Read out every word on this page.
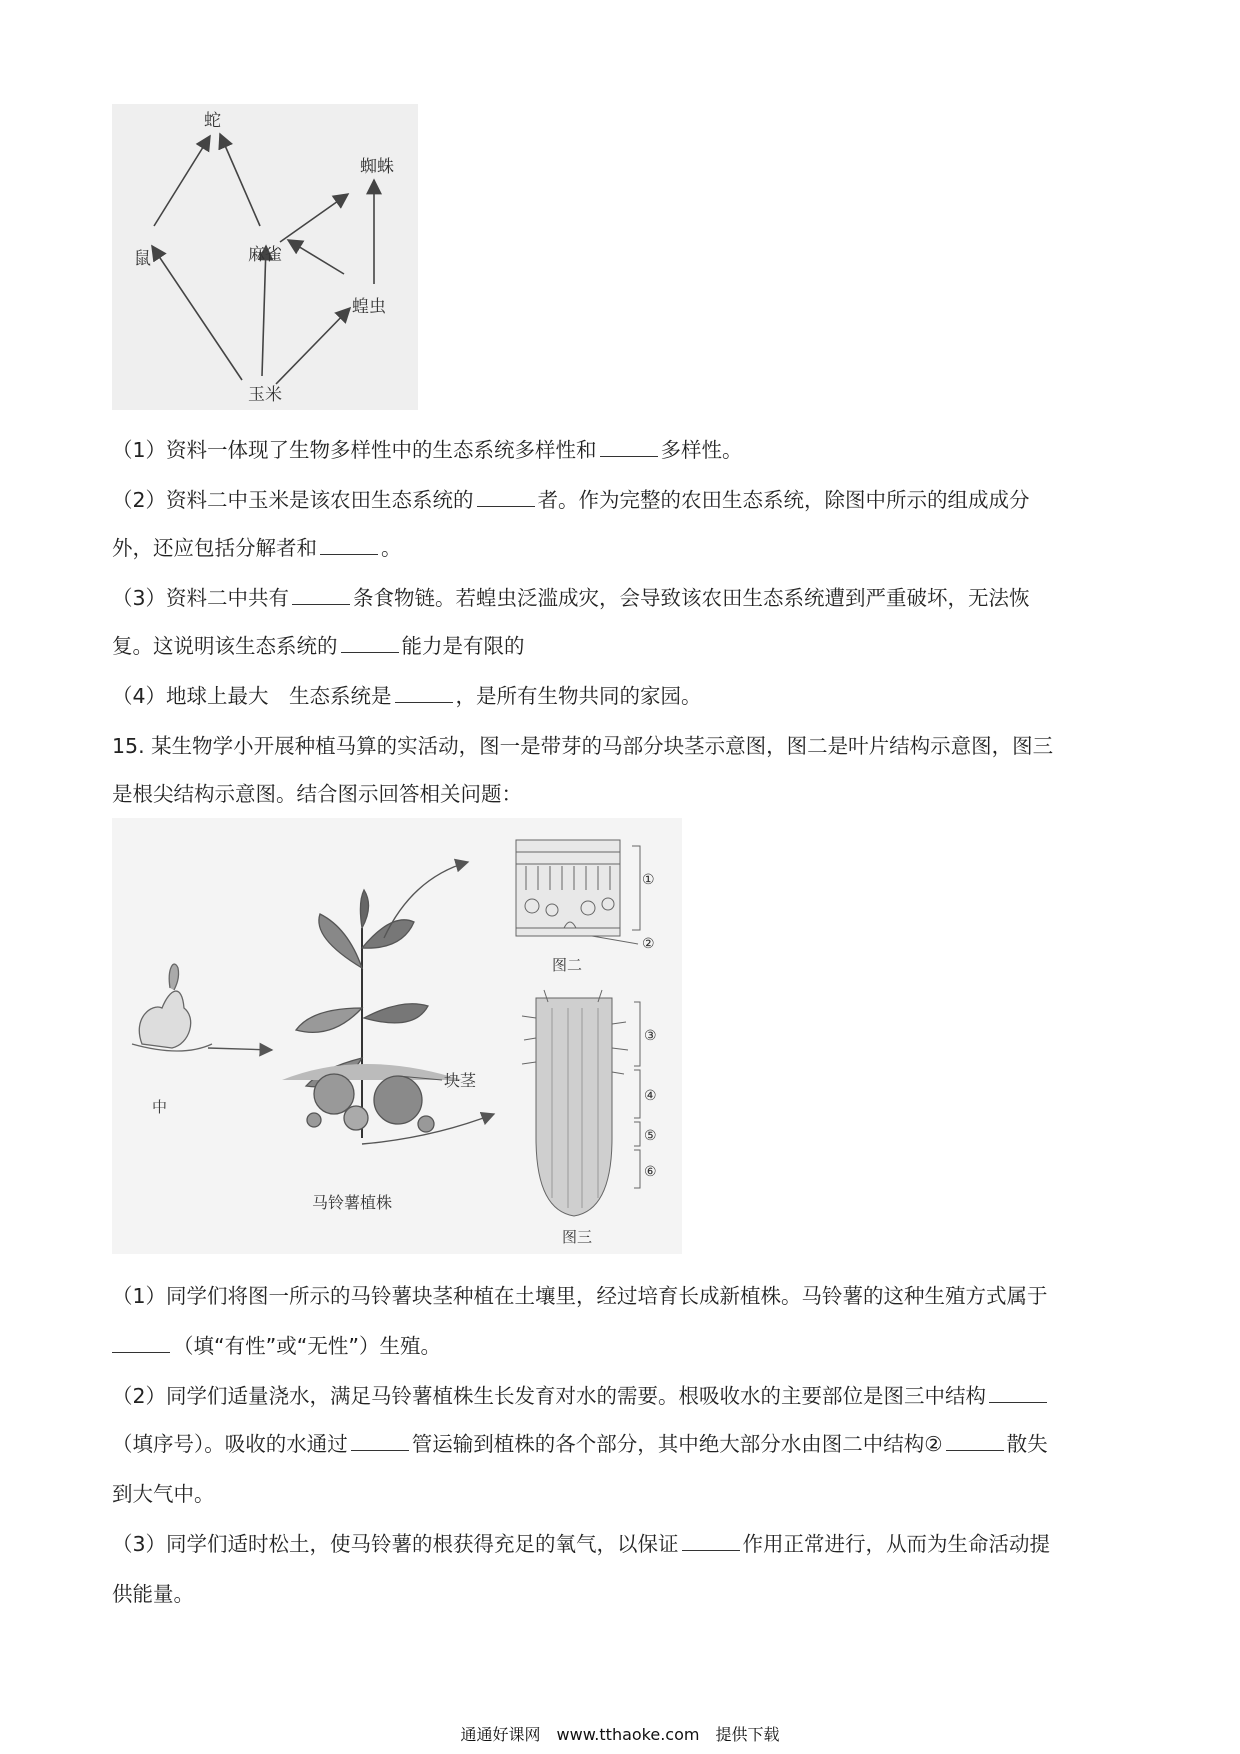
蛇
蜘蛛
鼠	麻雀
蝗虫
玉米
（1）资料一体现了生物多样性中的生态系统多样性和	多样性。
（2）资料二中玉米是该农田生态系统的	者。作为完整的农田生态系统，除图中所示的组成成分
外，还应包括分解者和	。
（3）资料二中共有	条食物链。若蝗虫泛滥成灾，会导致该农田生态系统遭到严重破坏，无法恢
复。这说明该生态系统的	能力是有限的
（4）地球上最大　生态系统是	，是所有生物共同的家园。
15. 某生物学小开展种植马算的实活动，图一是带芽的马部分块茎示意图，图二是叶片结构示意图，图三
是根尖结构示意图。结合图示回答相关问题：
中
块茎
马铃薯植株
①
②
图二
③
④
⑤
⑥
图三
（1）同学们将图一所示的马铃薯块茎种植在土壤里，经过培育长成新植株。马铃薯的这种生殖方式属于
（填“有性”或“无性”）生殖。
（2）同学们适量浇水，满足马铃薯植株生长发育对水的需要。根吸收水的主要部位是图三中结构
（填序号）。吸收的水通过	管运输到植株的各个部分，其中绝大部分水由图二中结构②	散失
到大气中。
（3）同学们适时松土，使马铃薯的根获得充足的氧气，以保证	作用正常进行，从而为生命活动提
供能量。
通通好课网　www.tthaoke.com　提供下载
